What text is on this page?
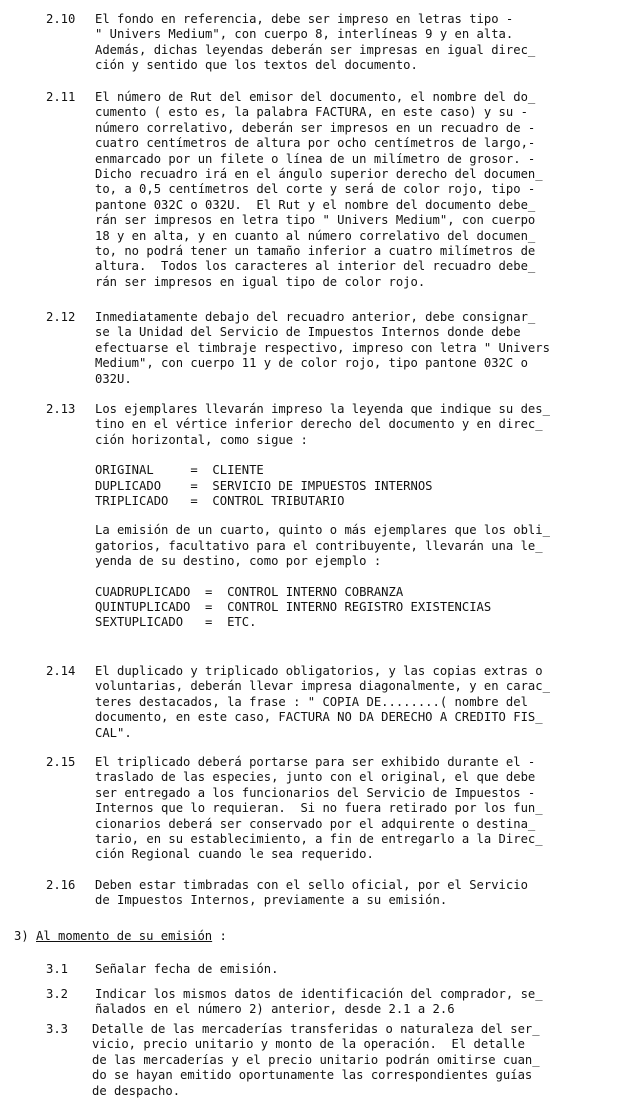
2.10 El fondo en referencia, debe ser impreso en letras tipo -
" Univers Medium", con cuerpo 8, interlíneas 9 y en alta.
Además, dichas leyendas deberán ser impresas en igual direc_
ción y sentido que los textos del documento.
2.11 El número de Rut del emisor del documento, el nombre del do_
cumento ( esto es, la palabra FACTURA, en este caso) y su -
número correlativo, deberán ser impresos en un recuadro de -
cuatro centímetros de altura por ocho centímetros de largo,-
enmarcado por un filete o línea de un milímetro de grosor. -
Dicho recuadro irá en el ángulo superior derecho del documen_
to, a 0,5 centímetros del corte y será de color rojo, tipo -
pantone 032C o 032U.  El Rut y el nombre del documento debe_
rán ser impresos en letra tipo " Univers Medium", con cuerpo
18 y en alta, y en cuanto al número correlativo del documen_
to, no podrá tener un tamaño inferior a cuatro milímetros de
altura.  Todos los caracteres al interior del recuadro debe_
rán ser impresos en igual tipo de color rojo.
2.12 Inmediatamente debajo del recuadro anterior, debe consignar_
se la Unidad del Servicio de Impuestos Internos donde debe
efectuarse el timbraje respectivo, impreso con letra " Univers
Medium", con cuerpo 11 y de color rojo, tipo pantone 032C o
032U.
2.13 Los ejemplares llevarán impreso la leyenda que indique su des_
tino en el vértice inferior derecho del documento y en direc_
ción horizontal, como sigue :
ORIGINAL     =  CLIENTE
DUPLICADO    =  SERVICIO DE IMPUESTOS INTERNOS
TRIPLICADO   =  CONTROL TRIBUTARIO
La emisión de un cuarto, quinto o más ejemplares que los obli_
gatorios, facultativo para el contribuyente, llevarán una le_
yenda de su destino, como por ejemplo :
CUADRUPLICADO  =  CONTROL INTERNO COBRANZA
QUINTUPLICADO  =  CONTROL INTERNO REGISTRO EXISTENCIAS
SEXTUPLICADO   =  ETC.
2.14 El duplicado y triplicado obligatorios, y las copias extras o
voluntarias, deberán llevar impresa diagonalmente, y en carac_
teres destacados, la frase : " COPIA DE........( nombre del
documento, en este caso, FACTURA NO DA DERECHO A CREDITO FIS_
CAL".
2.15 El triplicado deberá portarse para ser exhibido durante el -
traslado de las especies, junto con el original, el que debe
ser entregado a los funcionarios del Servicio de Impuestos -
Internos que lo requieran.  Si no fuera retirado por los fun_
cionarios deberá ser conservado por el adquirente o destina_
tario, en su establecimiento, a fin de entregarlo a la Direc_
ción Regional cuando le sea requerido.
2.16 Deben estar timbradas con el sello oficial, por el Servicio
de Impuestos Internos, previamente a su emisión.
3) Al momento de su emisión :
3.1 Señalar fecha de emisión.
3.2 Indicar los mismos datos de identificación del comprador, se_
ñalados en el número 2) anterior, desde 2.1 a 2.6
3.3 Detalle de las mercaderías transferidas o naturaleza del ser_
vicio, precio unitario y monto de la operación.  El detalle
de las mercaderías y el precio unitario podrán omitirse cuan_
do se hayan emitido oportunamente las correspondientes guías
de despacho.
